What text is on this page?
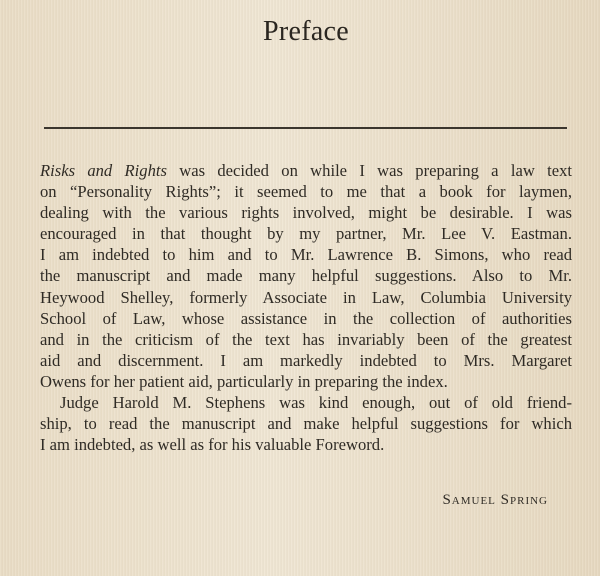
Preface
Risks and Rights was decided on while I was preparing a law text
on “Personality Rights”; it seemed to me that a book for laymen,
dealing with the various rights involved, might be desirable. I was
encouraged in that thought by my partner, Mr. Lee V. Eastman.
I am indebted to him and to Mr. Lawrence B. Simons, who read
the manuscript and made many helpful suggestions. Also to Mr.
Heywood Shelley, formerly Associate in Law, Columbia University
School of Law, whose assistance in the collection of authorities
and in the criticism of the text has invariably been of the greatest
aid and discernment. I am markedly indebted to Mrs. Margaret
Owens for her patient aid, particularly in preparing the index.
Judge Harold M. Stephens was kind enough, out of old friend-
ship, to read the manuscript and make helpful suggestions for which
I am indebted, as well as for his valuable Foreword.
Samuel Spring
